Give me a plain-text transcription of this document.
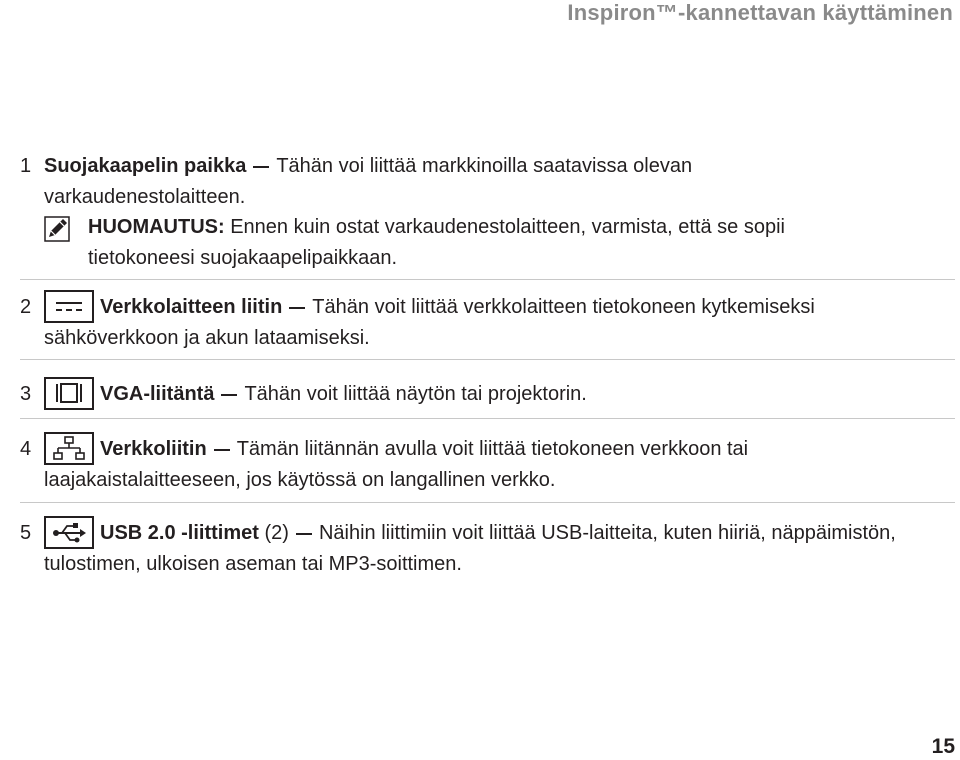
Inspiron™-kannettavan käyttäminen
1 Suojakaapelin paikka Tähän voi liittää markkinoilla saatavissa olevan
varkaudenestolaitteen.
HUOMAUTUS: Ennen kuin ostat varkaudenestolaitteen, varmista, että se sopii
tietokoneesi suojakaapelipaikkaan.
2	Verkkolaitteen liitin Tähän voit liittää verkkolaitteen tietokoneen kytkemiseksi
sähköverkkoon ja akun lataamiseksi.
3	VGA-liitäntä Tähän voit liittää näytön tai projektorin.
4	Verkkoliitin Tämän liitännän avulla voit liittää tietokoneen verkkoon tai
laajakaistalaitteeseen, jos käytössä on langallinen verkko.
5	USB 2.0 -liittimet (2) Näihin liittimiin voit liittää USB-laitteita, kuten hiiriä, näppäimistön,
tulostimen, ulkoisen aseman tai MP3-soittimen.
15
